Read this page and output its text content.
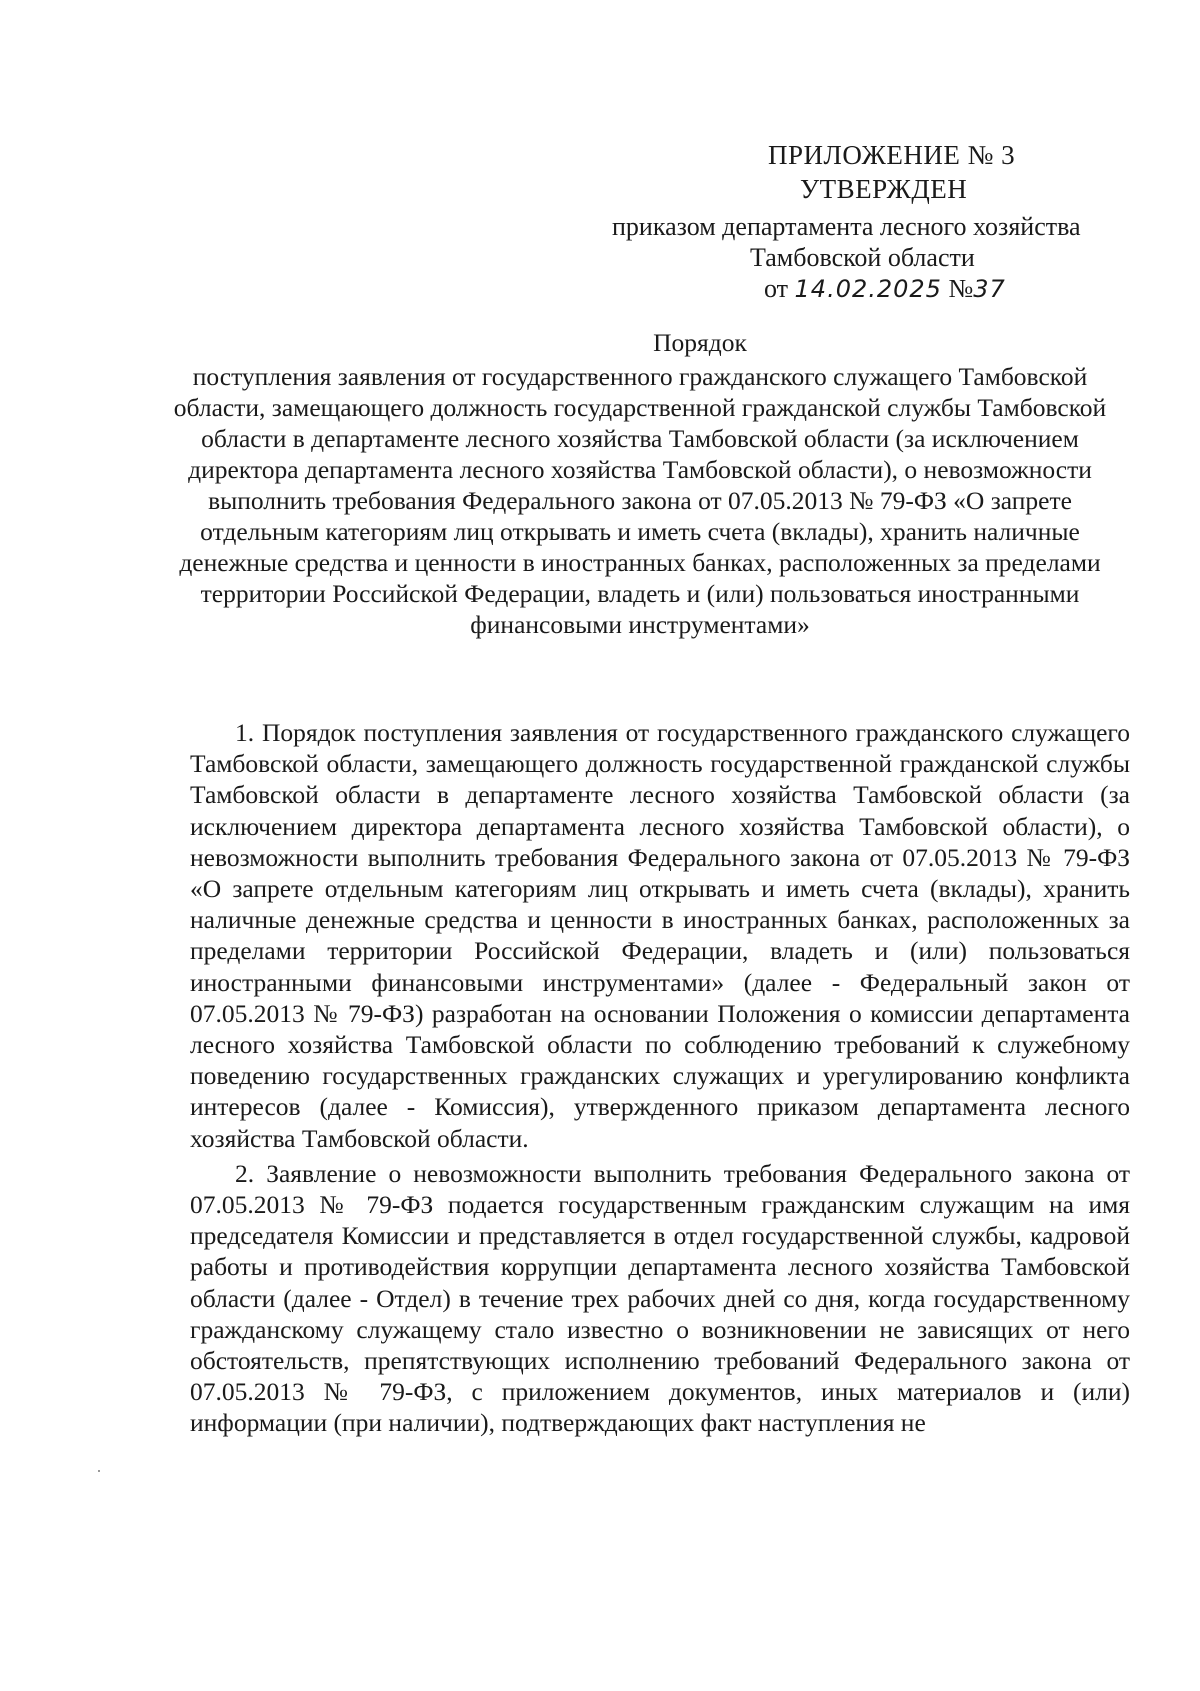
ПРИЛОЖЕНИЕ № 3
УТВЕРЖДЕН
приказом департамента лесного хозяйства
Тамбовской области
от 14.02.2025 №37
Порядок
поступления заявления от государственного гражданского служащего Тамбовской области, замещающего должность государственной гражданской службы Тамбовской области в департаменте лесного хозяйства Тамбовской области (за исключением директора департамента лесного хозяйства Тамбовской области), о невозможности выполнить требования Федерального закона от 07.05.2013 № 79-ФЗ «О запрете отдельным категориям лиц открывать и иметь счета (вклады), хранить наличные денежные средства и ценности в иностранных банках, расположенных за пределами территории Российской Федерации, владеть и (или) пользоваться иностранными финансовыми инструментами»

1. Порядок поступления заявления от государственного гражданского служащего Тамбовской области, замещающего должность государственной гражданской службы Тамбовской области в департаменте лесного хозяйства Тамбовской области (за исключением директора департамента лесного хозяйства Тамбовской области), о невозможности выполнить требования Федерального закона от 07.05.2013 № 79-ФЗ «О запрете отдельным категориям лиц открывать и иметь счета (вклады), хранить наличные денежные средства и ценности в иностранных банках, расположенных за пределами территории Российской Федерации, владеть и (или) пользоваться иностранными финансовыми инструментами» (далее - Федеральный закон от 07.05.2013 № 79-ФЗ) разработан на основании Положения о комиссии департамента лесного хозяйства Тамбовской области по соблюдению требований к служебному поведению государственных гражданских служащих и урегулированию конфликта интересов (далее - Комиссия), утвержденного приказом департамента лесного хозяйства Тамбовской области.

2. Заявление о невозможности выполнить требования Федерального закона от 07.05.2013 № 79-ФЗ подается государственным гражданским служащим на имя председателя Комиссии и представляется в отдел государственной службы, кадровой работы и противодействия коррупции департамента лесного хозяйства Тамбовской области (далее - Отдел) в течение трех рабочих дней со дня, когда государственному гражданскому служащему стало известно о возникновении не зависящих от него обстоятельств, препятствующих исполнению требований Федерального закона от 07.05.2013 № 79-ФЗ, с приложением документов, иных материалов и (или) информации (при наличии), подтверждающих факт наступления не
